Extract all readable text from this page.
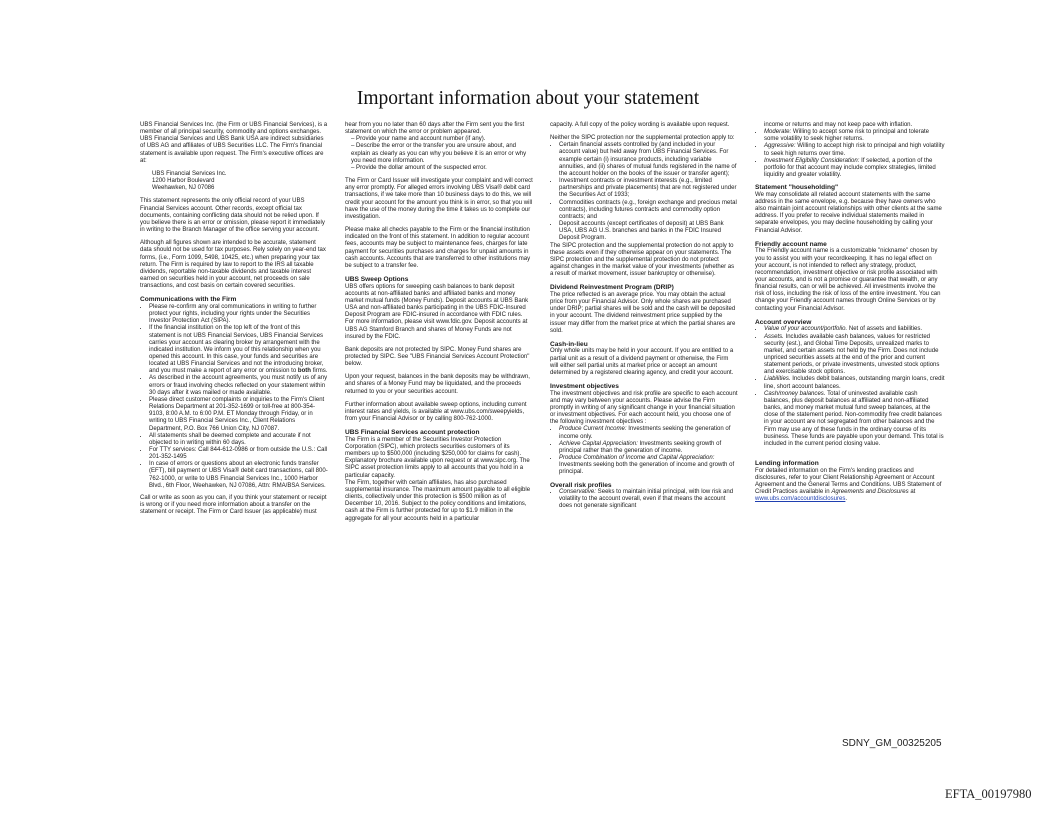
Important information about your statement

UBS Financial Services Inc. (the Firm or UBS Financial Services), is a member of all principal security, commodity and options exchanges. UBS Financial Services and UBS Bank USA are indirect subsidiaries of UBS AG and affiliates of UBS Securities LLC. The Firm's financial statement is available upon request. The Firm's executive offices are at:

UBS Financial Services Inc.
1200 Harbor Boulevard
Weehawken, NJ 07086

This statement represents the only official record of your UBS Financial Services account. Other records, except official tax documents, containing conflicting data should not be relied upon. If you believe there is an error or omission, please report it immediately in writing to the Branch Manager of the office serving your account.

Although all figures shown are intended to be accurate, statement data should not be used for tax purposes. Rely solely on year-end tax forms, (i.e., Form 1099, 5498, 10425, etc.) when preparing your tax return. The Firm is required by law to report to the IRS all taxable dividends, reportable non-taxable dividends and taxable interest earned on securities held in your account, net proceeds on sale transactions, and cost basis on certain covered securities.

Communications with the Firm
• Please re-confirm any oral communications in writing to further protect your rights, including your rights under the Securities Investor Protection Act (SIPA).
• If the financial institution on the top left of the front of this statement is not UBS Financial Services, UBS Financial Services carries your account as clearing broker by arrangement with the indicated institution. We inform you of this relationship when you opened this account. In this case, your funds and securities are located at UBS Financial Services and not the introducing broker, and you must make a report of any error or omission to both firms.
• As described in the account agreements, you must notify us of any errors or fraud involving checks reflected on your statement within 30 days after it was mailed or made available.
• Please direct customer complaints or inquiries to the Firm's Client Relations Department at 201-352-1699 or toll-free at 800-354-9103, 8:00 A.M. to 6:00 P.M. ET Monday through Friday, or in writing to UBS Financial Services Inc., Client Relations Department, P.O. Box 766 Union City, NJ 07087.
• All statements shall be deemed complete and accurate if not objected to in writing within 60 days.
• For TTY services: Call 844-612-0986 or from outside the U.S.: Call 201-352-1495
• In case of errors or questions about an electronic funds transfer (EFT), bill payment or UBS Visa® debit card transactions, call 800-762-1000, or write to UBS Financial Services Inc., 1000 Harbor Blvd., 6th Floor, Weehawken, NJ 07086, Attn: RMA/BSA Services.

Call or write as soon as you can, if you think your statement or receipt is wrong or if you need more information about a transfer on the statement or receipt. The Firm or Card Issuer (as applicable) must

hear from you no later than 60 days after the Firm sent you the first statement on which the error or problem appeared.

– Provide your name and account number (if any).
– Describe the error or the transfer you are unsure about, and explain as clearly as you can why you believe it is an error or why you need more information.
– Provide the dollar amount of the suspected error.

The Firm or Card Issuer will investigate your complaint and will correct any error promptly. For alleged errors involving UBS Visa® debit card transactions, if we take more than 10 business days to do this, we will credit your account for the amount you think is in error, so that you will have the use of the money during the time it takes us to complete our investigation.

Please make all checks payable to the Firm or the financial institution indicated on the front of this statement. In addition to regular account fees, accounts may be subject to maintenance fees, charges for late payment for securities purchases and charges for unpaid amounts in cash accounts. Accounts that are transferred to other institutions may be subject to a transfer fee.

UBS Sweep Options

UBS offers options for sweeping cash balances to bank deposit accounts at non-affiliated banks and affiliated banks and money market mutual funds (Money Funds). Deposit accounts at UBS Bank USA and non-affiliated banks participating in the UBS FDIC-Insured Deposit Program are FDIC-insured in accordance with FDIC rules. For more information, please visit www.fdic.gov. Deposit accounts at UBS AG Stamford Branch and shares of Money Funds are not insured by the FDIC.

Bank deposits are not protected by SIPC. Money Fund shares are protected by SIPC. See "UBS Financial Services Account Protection" below.

Upon your request, balances in the bank deposits may be withdrawn, and shares of a Money Fund may be liquidated, and the proceeds returned to you or your securities account.

Further information about available sweep options, including current interest rates and yields, is available at www.ubs.com/sweepyields, from your Financial Advisor or by calling 800-762-1000.

UBS Financial Services account protection

The Firm is a member of the Securities Investor Protection Corporation (SIPC), which protects securities customers of its members up to $500,000 (including $250,000 for claims for cash). Explanatory brochure available upon request or at www.sipc.org. The SIPC asset protection limits apply to all accounts that you hold in a particular capacity.

The Firm, together with certain affiliates, has also purchased supplemental insurance. The maximum amount payable to all eligible clients, collectively under this protection is $500 million as of December 10, 2016. Subject to the policy conditions and limitations, cash at the Firm is further protected for up to $1.9 million in the aggregate for all your accounts held in a particular

capacity. A full copy of the policy wording is available upon request.

Neither the SIPC protection nor the supplemental protection apply to:

• Certain financial assets controlled by (and included in your account value) but held away from UBS Financial Services. For example certain (i) insurance products, including variable annuities, and (ii) shares of mutual funds registered in the name of the account holder on the books of the issuer or transfer agent);
• Investment contracts or investment interests (e.g., limited partnerships and private placements) that are not registered under the Securities Act of 1933;
• Commodities contracts (e.g., foreign exchange and precious metal contracts), including futures contracts and commodity option contracts; and
• Deposit accounts (except certificates of deposit) at UBS Bank USA, UBS AG U.S. branches and banks in the FDIC Insured Deposit Program.

The SIPC protection and the supplemental protection do not apply to these assets even if they otherwise appear on your statements. The SIPC protection and the supplemental protection do not protect against changes in the market value of your investments (whether as a result of market movement, issuer bankruptcy or otherwise).

Dividend Reinvestment Program (DRIP)

The price reflected is an average price. You may obtain the actual price from your Financial Advisor. Only whole shares are purchased under DRIP; partial shares will be sold and the cash will be deposited in your account. The dividend reinvestment price supplied by the issuer may differ from the market price at which the partial shares are sold.

Cash-in-lieu

Only whole units may be held in your account. If you are entitled to a partial unit as a result of a dividend payment or otherwise, the Firm will either sell partial units at market price or accept an amount determined by a registered clearing agency, and credit your account.

Investment objectives

The investment objectives and risk profile are specific to each account and may vary between your accounts. Please advise the Firm promptly in writing of any significant change in your financial situation or investment objectives. For each account held, you choose one of the following investment objectives :

• Produce Current Income: Investments seeking the generation of income only.
• Achieve Capital Appreciation: Investments seeking growth of principal rather than the generation of income.
• Produce Combination of Income and Capital Appreciation: Investments seeking both the generation of income and growth of principal.
Overall risk profiles
• Conservative: Seeks to maintain initial principal, with low risk and volatility to the account overall, even if that means the account does not generate significant

income or returns and may not keep pace with inflation.

• Moderate: Willing to accept some risk to principal and tolerate some volatility to seek higher returns.
• Aggressive: Willing to accept high risk to principal and high volatility to seek high returns over time.
• Investment Eligibility Consideration: If selected, a portion of the portfolio for that account may include complex strategies, limited liquidity and greater volatility.
Statement "householding"

We may consolidate all related account statements with the same address in the same envelope, e.g. because they have owners who also maintain joint account relationships with other clients at the same address. If you prefer to receive individual statements mailed in separate envelopes, you may decline householding by calling your Financial Advisor.

Friendly account name

The Friendly account name is a customizable "nickname" chosen by you to assist you with your recordkeeping. It has no legal effect on your account, is not intended to reflect any strategy, product, recommendation, investment objective or risk profile associated with your accounts, and is not a promise or guarantee that wealth, or any financial results, can or will be achieved. All investments involve the risk of loss, including the risk of loss of the entire investment. You can change your Friendly account names through Online Services or by contacting your Financial Advisor.

Account overview
• Value of your account/portfolio. Net of assets and liabilities.
• Assets. Includes available cash balances, values for restricted security (est.), and Global Time Deposits, unrealized marks to market, and certain assets not held by the Firm. Does not include unpriced securities assets at the end of the prior and current statement periods, or private investments, unvested stock options and exercisable stock options.
• Liabilities. Includes debit balances, outstanding margin loans, credit line, short account balances.
• Cash/money balances. Total of uninvested available cash balances, plus deposit balances at affiliated and non-affiliated banks, and money market mutual fund sweep balances, at the close of the statement period. Non-commodity free credit balances in your account are not segregated from other balances and the Firm may use any of these funds in the ordinary course of its business. These funds are payable upon your demand. This total is included in the current period closing value.
Lending information

For detailed information on the Firm's lending practices and disclosures, refer to your Client Relationship Agreement or Account Agreement and the General Terms and Conditions. UBS Statement of Credit Practices available in Agreements and Disclosures at www.ubs.com/accountdisclosures.

SDNY_GM_00325205
EFTA_00197980
